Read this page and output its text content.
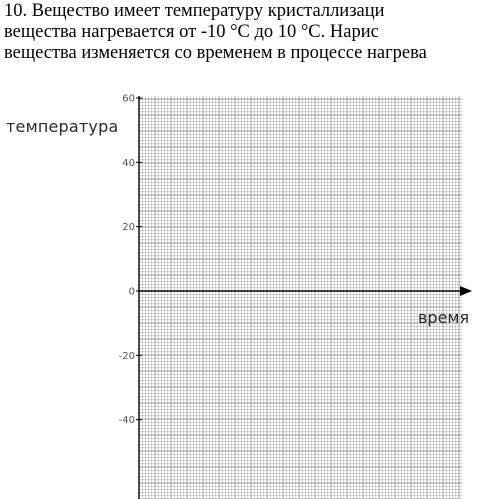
10. Вещество имеет температуру кристаллизаци
вещества нагревается от -10 °С до 10 °С. Нарис
вещества изменяется со временем в процессе нагрева
60
40
20
0
-20
-40
температура
время
